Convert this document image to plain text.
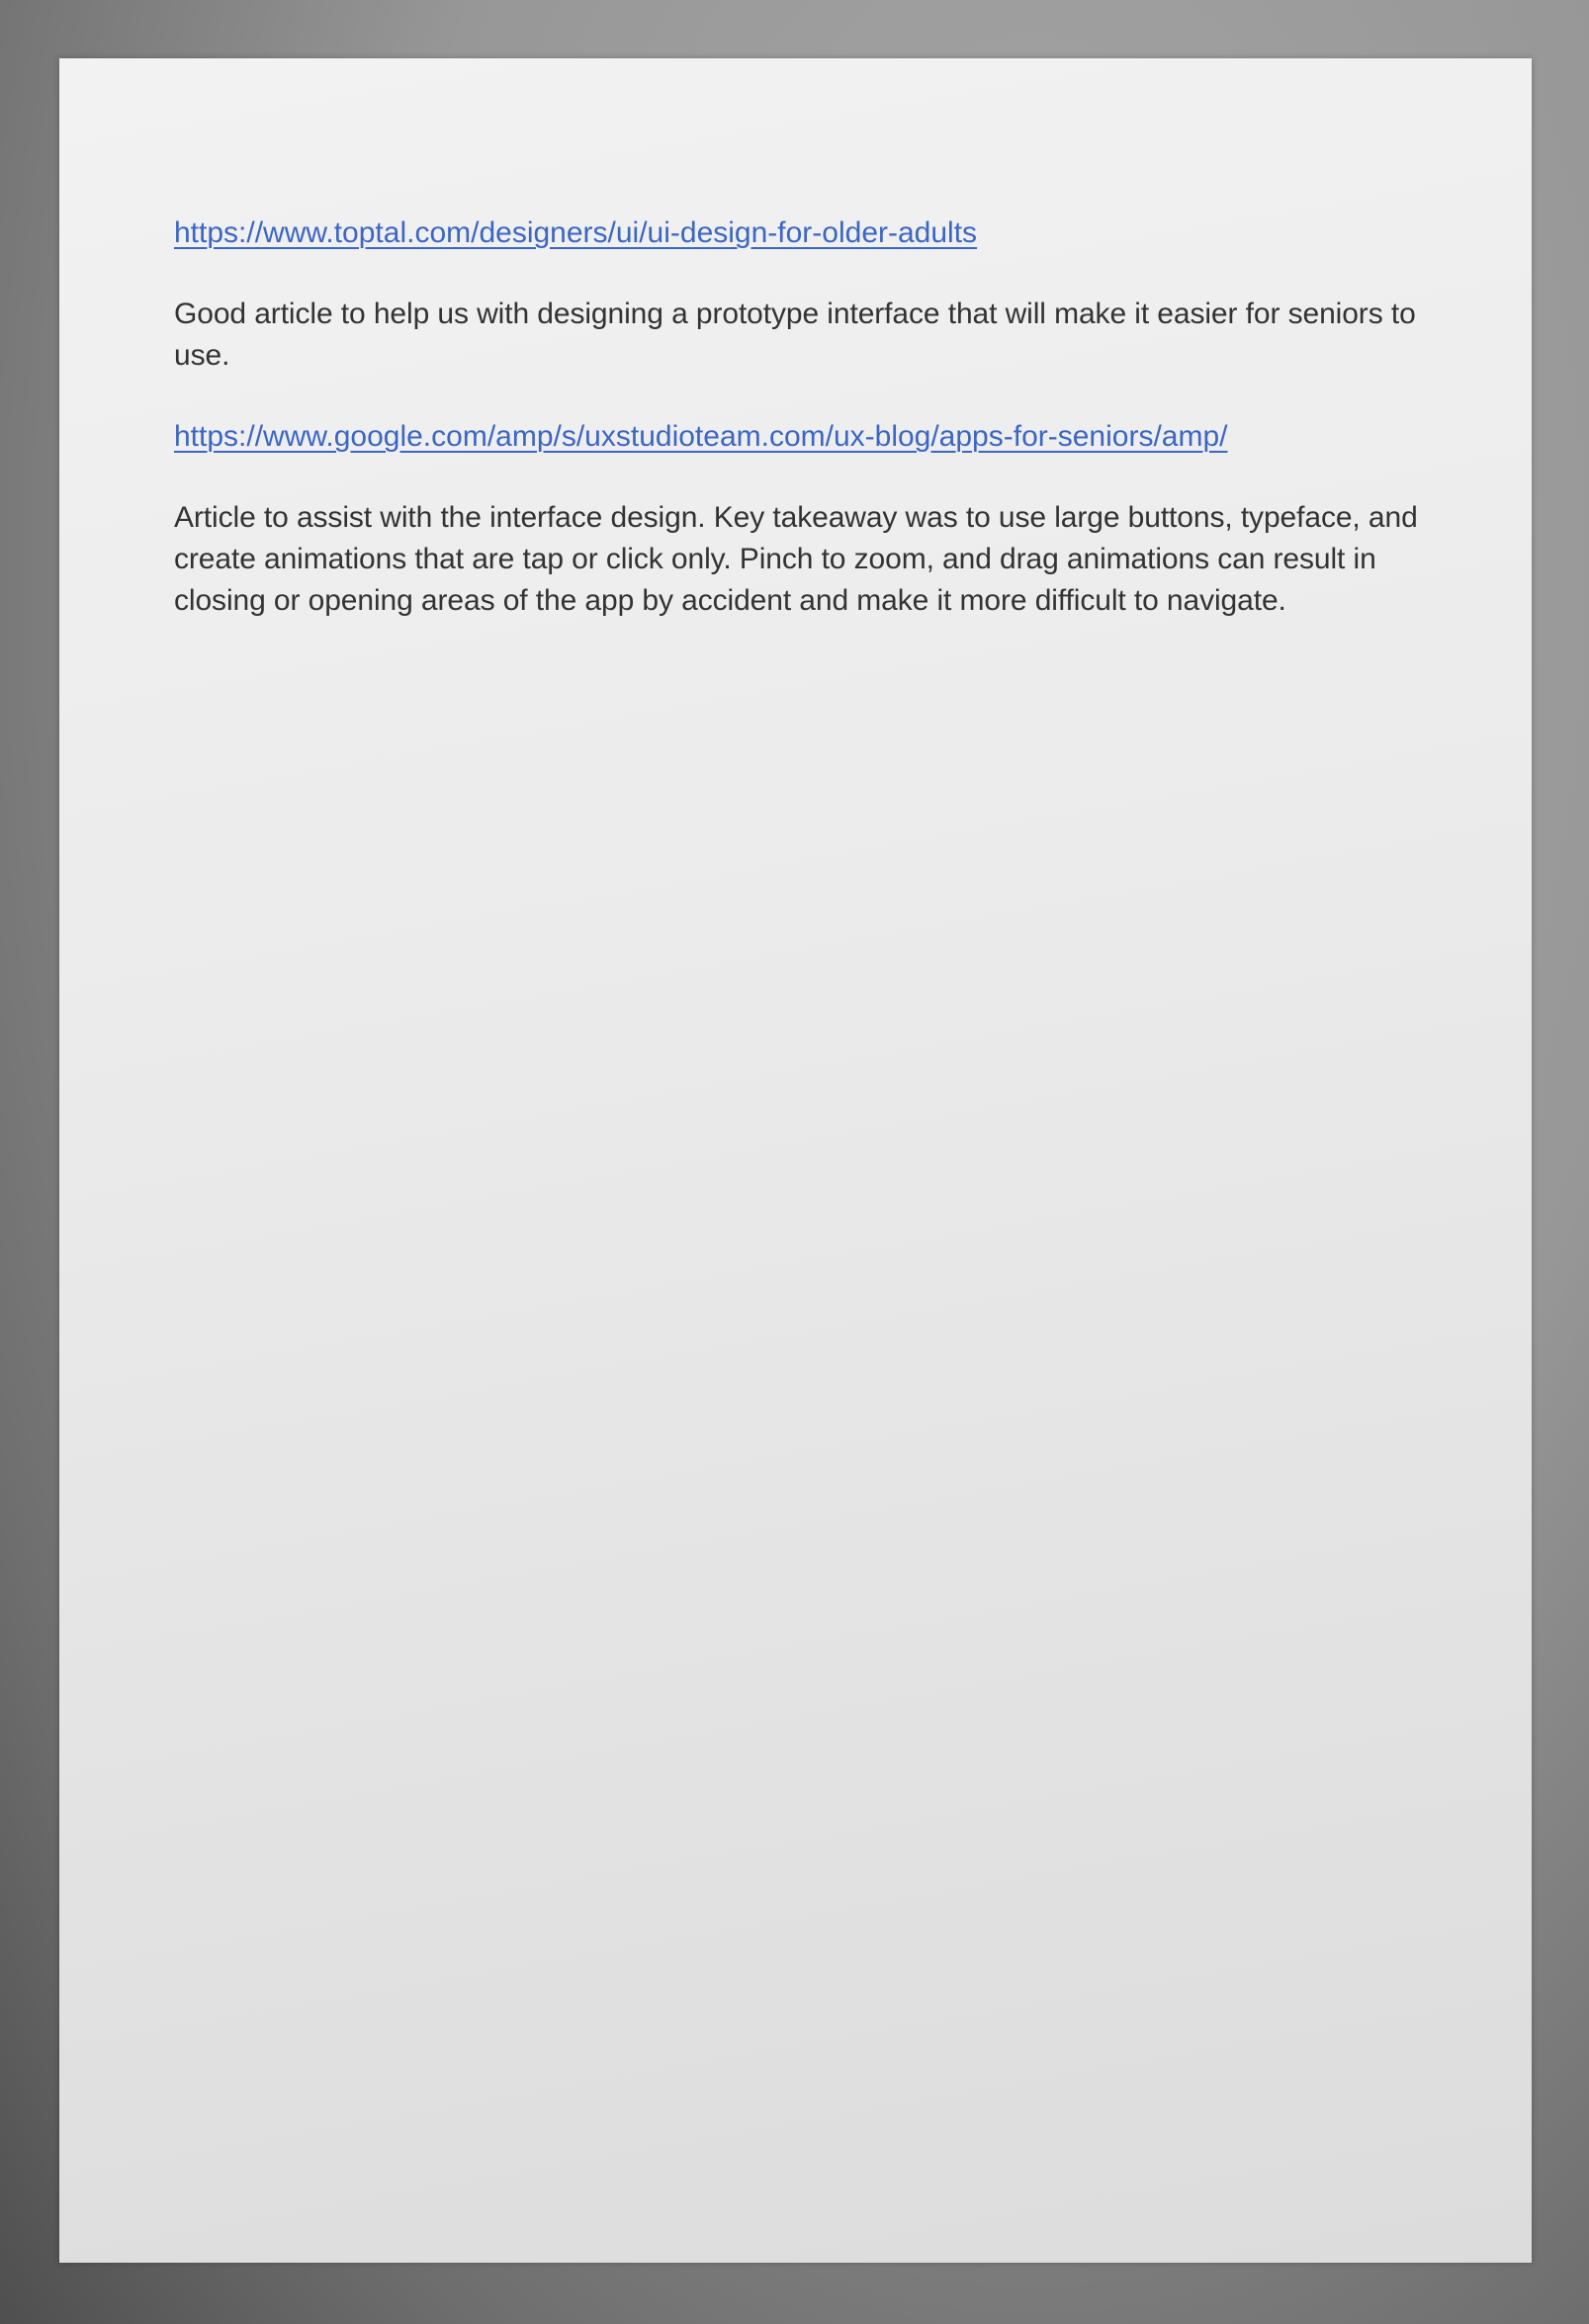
https://www.toptal.com/designers/ui/ui-design-for-older-adults
Good article to help us with designing a prototype interface that will make it easier for seniors to use.
https://www.google.com/amp/s/uxstudioteam.com/ux-blog/apps-for-seniors/amp/
Article to assist with the interface design. Key takeaway was to use large buttons, typeface, and create animations that are tap or click only. Pinch to zoom, and drag animations can result in closing or opening areas of the app by accident and make it more difficult to navigate.
